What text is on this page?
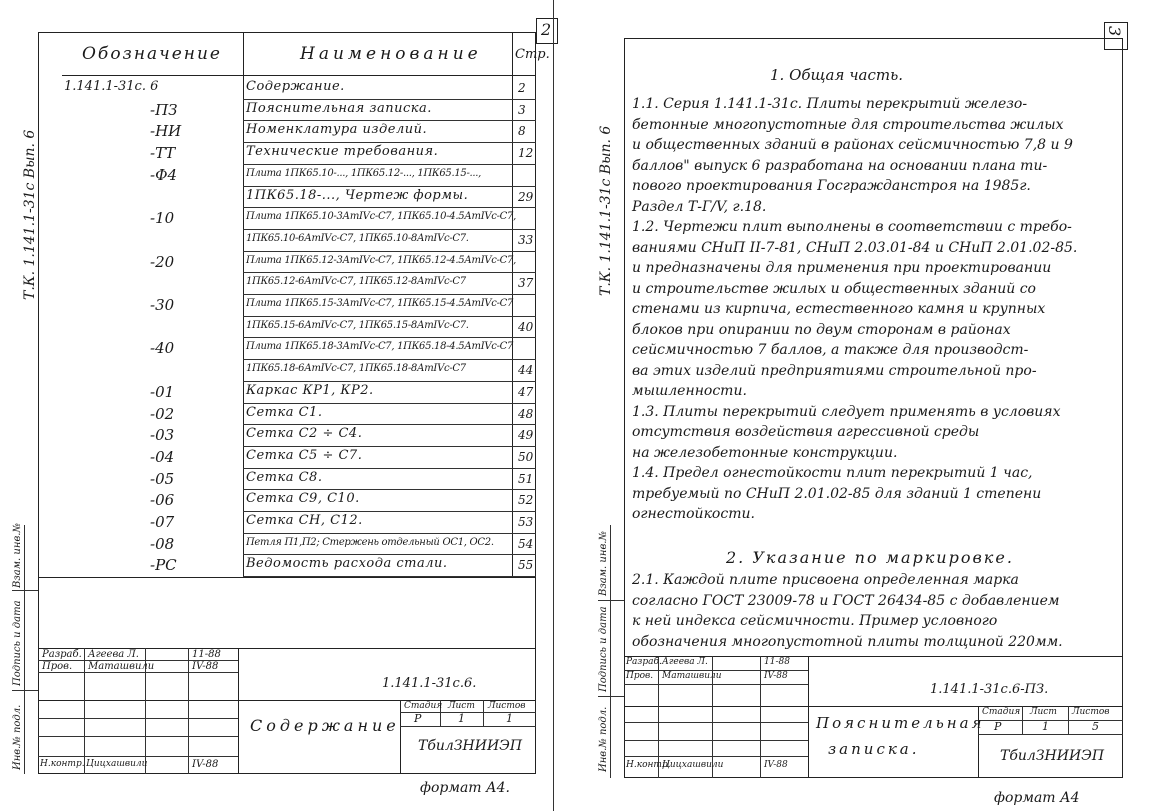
2
Т.К. 1.141.1-31с Вып. 6
Обозначение	Наименование	Стр.
1.141.1-31с. 6	Содержание.	2
-ПЗ	Пояснительная записка.	3
-НИ	Номенклатура изделий.	8
-ТТ	Технические требования.	12
-Ф4	Плита 1ПК65.10-..., 1ПК65.12-..., 1ПК65.15-...,
1ПК65.18-..., Чертеж формы.	29
-10	Плита 1ПК65.10-3АтIVс-С7, 1ПК65.10-4.5АтIVс-С7,
1ПК65.10-6АтIVс-С7, 1ПК65.10-8АтIVс-С7.	33
-20	Плита 1ПК65.12-3АтIVс-С7, 1ПК65.12-4.5АтIVс-С7,
1ПК65.12-6АтIVс-С7, 1ПК65.12-8АтIVс-С7	37
-30	Плита 1ПК65.15-3АтIVс-С7, 1ПК65.15-4.5АтIVс-С7
1ПК65.15-6АтIVс-С7, 1ПК65.15-8АтIVс-С7.	40
-40	Плита 1ПК65.18-3АтIVс-С7, 1ПК65.18-4.5АтIVс-С7
1ПК65.18-6АтIVс-С7, 1ПК65.18-8АтIVс-С7	44
-01	Каркас КР1, КР2.	47
-02	Сетка С1.	48
-03	Сетка С2 ÷ С4.	49
-04	Сетка С5 ÷ С7.	50
-05	Сетка С8.	51
-06	Сетка С9, С10.	52
-07	Сетка СН, С12.	53
-08	Петля П1,П2; Стержень отдельный ОС1, ОС2. 54
-РС	Ведомость расхода стали.	55
Инв.№ подл.
Подпись и дата
Взам. инв.№
Разраб. Агеева Л.	11-88
Пров. Маташвили	IV-88
Н.контр. Цицхашвили	IV-88
1.141.1-31с.6.
Содержание
Стадия Лист Листов
Р	1	1
ТбилЗНИИЭП
формат А4.
3
Т.К. 1.141.1-31с Вып. 6
1. Общая часть.
1.1. Серия 1.141.1-31с. Плиты перекрытий железо-
бетонные многопустотные для строительства жилых
и общественных зданий в районах сейсмичностью 7,8 и 9
баллов" выпуск 6 разработана на основании плана ти-
пового проектирования Госгражданстроя на 1985г.
Раздел Т-Г/V, г.18.
1.2. Чертежи плит выполнены в соответствии с требо-
ваниями СНиП II-7-81, СНиП 2.03.01-84 и СНиП 2.01.02-85.
и предназначены для применения при проектировании
и строительстве жилых и общественных зданий со
стенами из кирпича, естественного камня и крупных
блоков при опирании по двум сторонам в районах
сейсмичностью 7 баллов, а также для производст-
ва этих изделий предприятиями строительной про-
мышленности.
1.3. Плиты перекрытий следует применять в условиях
отсутствия воздействия агрессивной среды
на железобетонные конструкции.
1.4. Предел огнестойкости плит перекрытий 1 час,
требуемый по СНиП 2.01.02-85 для зданий 1 степени
огнестойкости.
2. Указание по маркировке.
2.1. Каждой плите присвоена определенная марка
согласно ГОСТ 23009-78 и ГОСТ 26434-85 с добавлением
к ней индекса сейсмичности. Пример условного
обозначения многопустотной плиты толщиной 220мм.
Инв.№ подл.
Подпись и дата
Взам. инв.№
Разраб. Агеева Л.	11-88
Пров. Маташвили	IV-88
Н.контр.
Цицхашвили	IV-88
1.141.1-31с.6-ПЗ.
Пояснительная
записка.
Стадия Лист Листов
Р	1	5
ТбилЗНИИЭП
формат А4
